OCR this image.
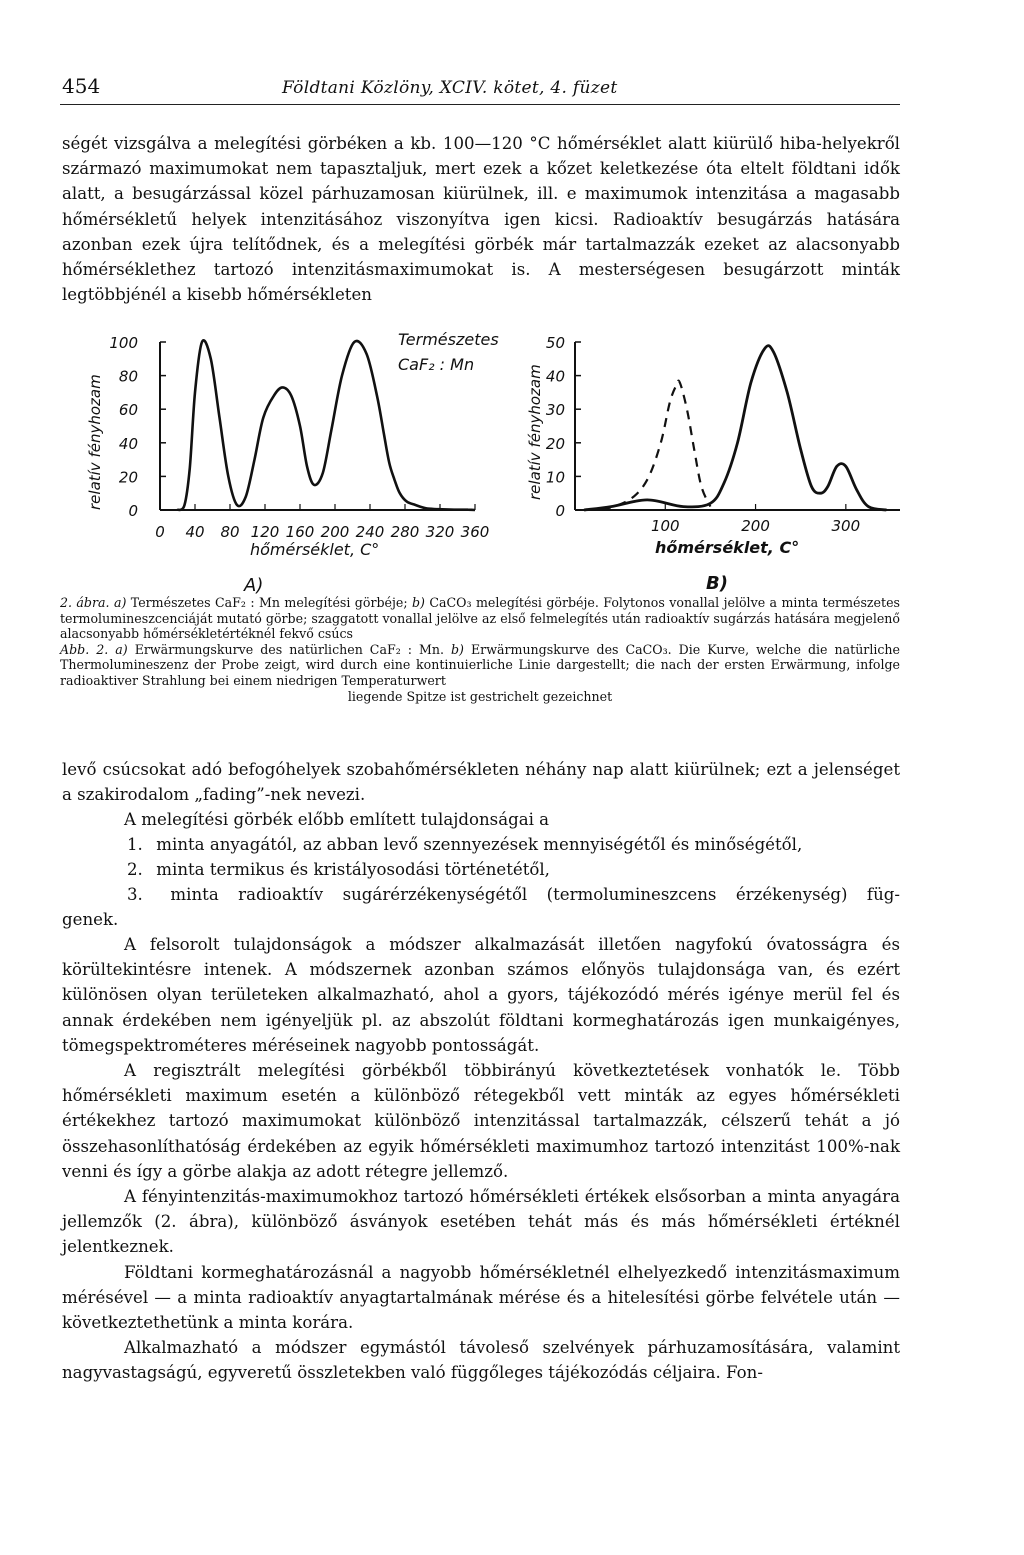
454	Földtani Közlöny, XCIV. kötet, 4. füzet

ségét vizsgálva a melegítési görbéken a kb. 100—120 °C hőmérséklet alatt kiürülő hiba-helyekről származó maximumokat nem tapasztaljuk, mert ezek a kőzet keletkezése óta eltelt földtani idők alatt, a besugárzással közel párhuzamosan kiürülnek, ill. e maximumok intenzitása a magasabb hőmérsékletű helyek intenzitásához viszonyítva igen kicsi. Radioaktív besugárzás hatására azonban ezek újra telítődnek, és a melegítési görbék már tartalmazzák ezeket az alacsonyabb hőmérséklethez tartozó intenzitásmaximumokat is. A mesterségesen besugárzott minták legtöbbjénél a kisebb hőmérsékleten

relatív fényhozam
Természetes
CaF₂ : Mn
hőmérséklet, C°
A)
0
20
40
60
80
100
0 40 80 120 160 200 240 280 320 360
relatív fényhozam
hőmérséklet, C°
B)
0
10
20
30
40
50
100	200	300

2. ábra. a) Természetes CaF₂ : Mn melegítési görbéje; b) CaCO₃ melegítési görbéje. Folytonos vonallal jelölve a minta természetes termolumineszcenciáját mutató görbe; szaggatott vonallal jelölve az első felmelegítés után radioaktív sugárzás hatására megjelenő alacsonyabb hőmérsékletértéknél fekvő csúcs
Abb. 2. a) Erwärmungskurve des natürlichen CaF₂ : Mn. b) Erwärmungskurve des CaCO₃. Die Kurve, welche die natürliche Thermolumineszenz der Probe zeigt, wird durch eine kontinuierliche Linie dargestellt; die nach der ersten Erwärmung, infolge radioaktiver Strahlung bei einem niedrigen Temperaturwert
liegende Spitze ist gestrichelt gezeichnet

levő csúcsokat adó befogóhelyek szobahőmérsékleten néhány nap alatt kiürülnek; ezt a jelenséget a szakirodalom „fading”-nek nevezi.

A melegítési görbék előbb említett tulajdonságai a

1. minta anyagától, az abban levő szennyezések mennyiségétől és minőségétől,

2. minta termikus és kristályosodási történetétől,

3. minta radioaktív sugárérzékenységétől (termolumineszcens érzékenység) füg-

genek.

A felsorolt tulajdonságok a módszer alkalmazását illetően nagyfokú óvatosságra és körültekintésre intenek. A módszernek azonban számos előnyös tulajdonsága van, és ezért különösen olyan területeken alkalmazható, ahol a gyors, tájékozódó mérés igénye merül fel és annak érdekében nem igényeljük pl. az abszolút földtani kormeghatározás igen munkaigényes, tömegspektrométeres méréseinek nagyobb pontosságát.

A regisztrált melegítési görbékből többirányú következtetések vonhatók le. Több hőmérsékleti maximum esetén a különböző rétegekből vett minták az egyes hőmérsékleti értékekhez tartozó maximumokat különböző intenzitással tartalmazzák, célszerű tehát a jó összehasonlíthatóság érdekében az egyik hőmérsékleti maximumhoz tartozó intenzitást 100%-nak venni és így a görbe alakja az adott rétegre jellemző.

A fényintenzitás-maximumokhoz tartozó hőmérsékleti értékek elsősorban a minta anyagára jellemzők (2. ábra), különböző ásványok esetében tehát más és más hőmérsékleti értéknél jelentkeznek.

Földtani kormeghatározásnál a nagyobb hőmérsékletnél elhelyezkedő intenzitásmaximum mérésével — a minta radioaktív anyagtartalmának mérése és a hitelesítési görbe felvétele után — következtethetünk a minta korára.

Alkalmazható a módszer egymástól távoleső szelvények párhuzamosítására, valamint nagyvastagságú, egyveretű összletekben való függőleges tájékozódás céljaira. Fon-
